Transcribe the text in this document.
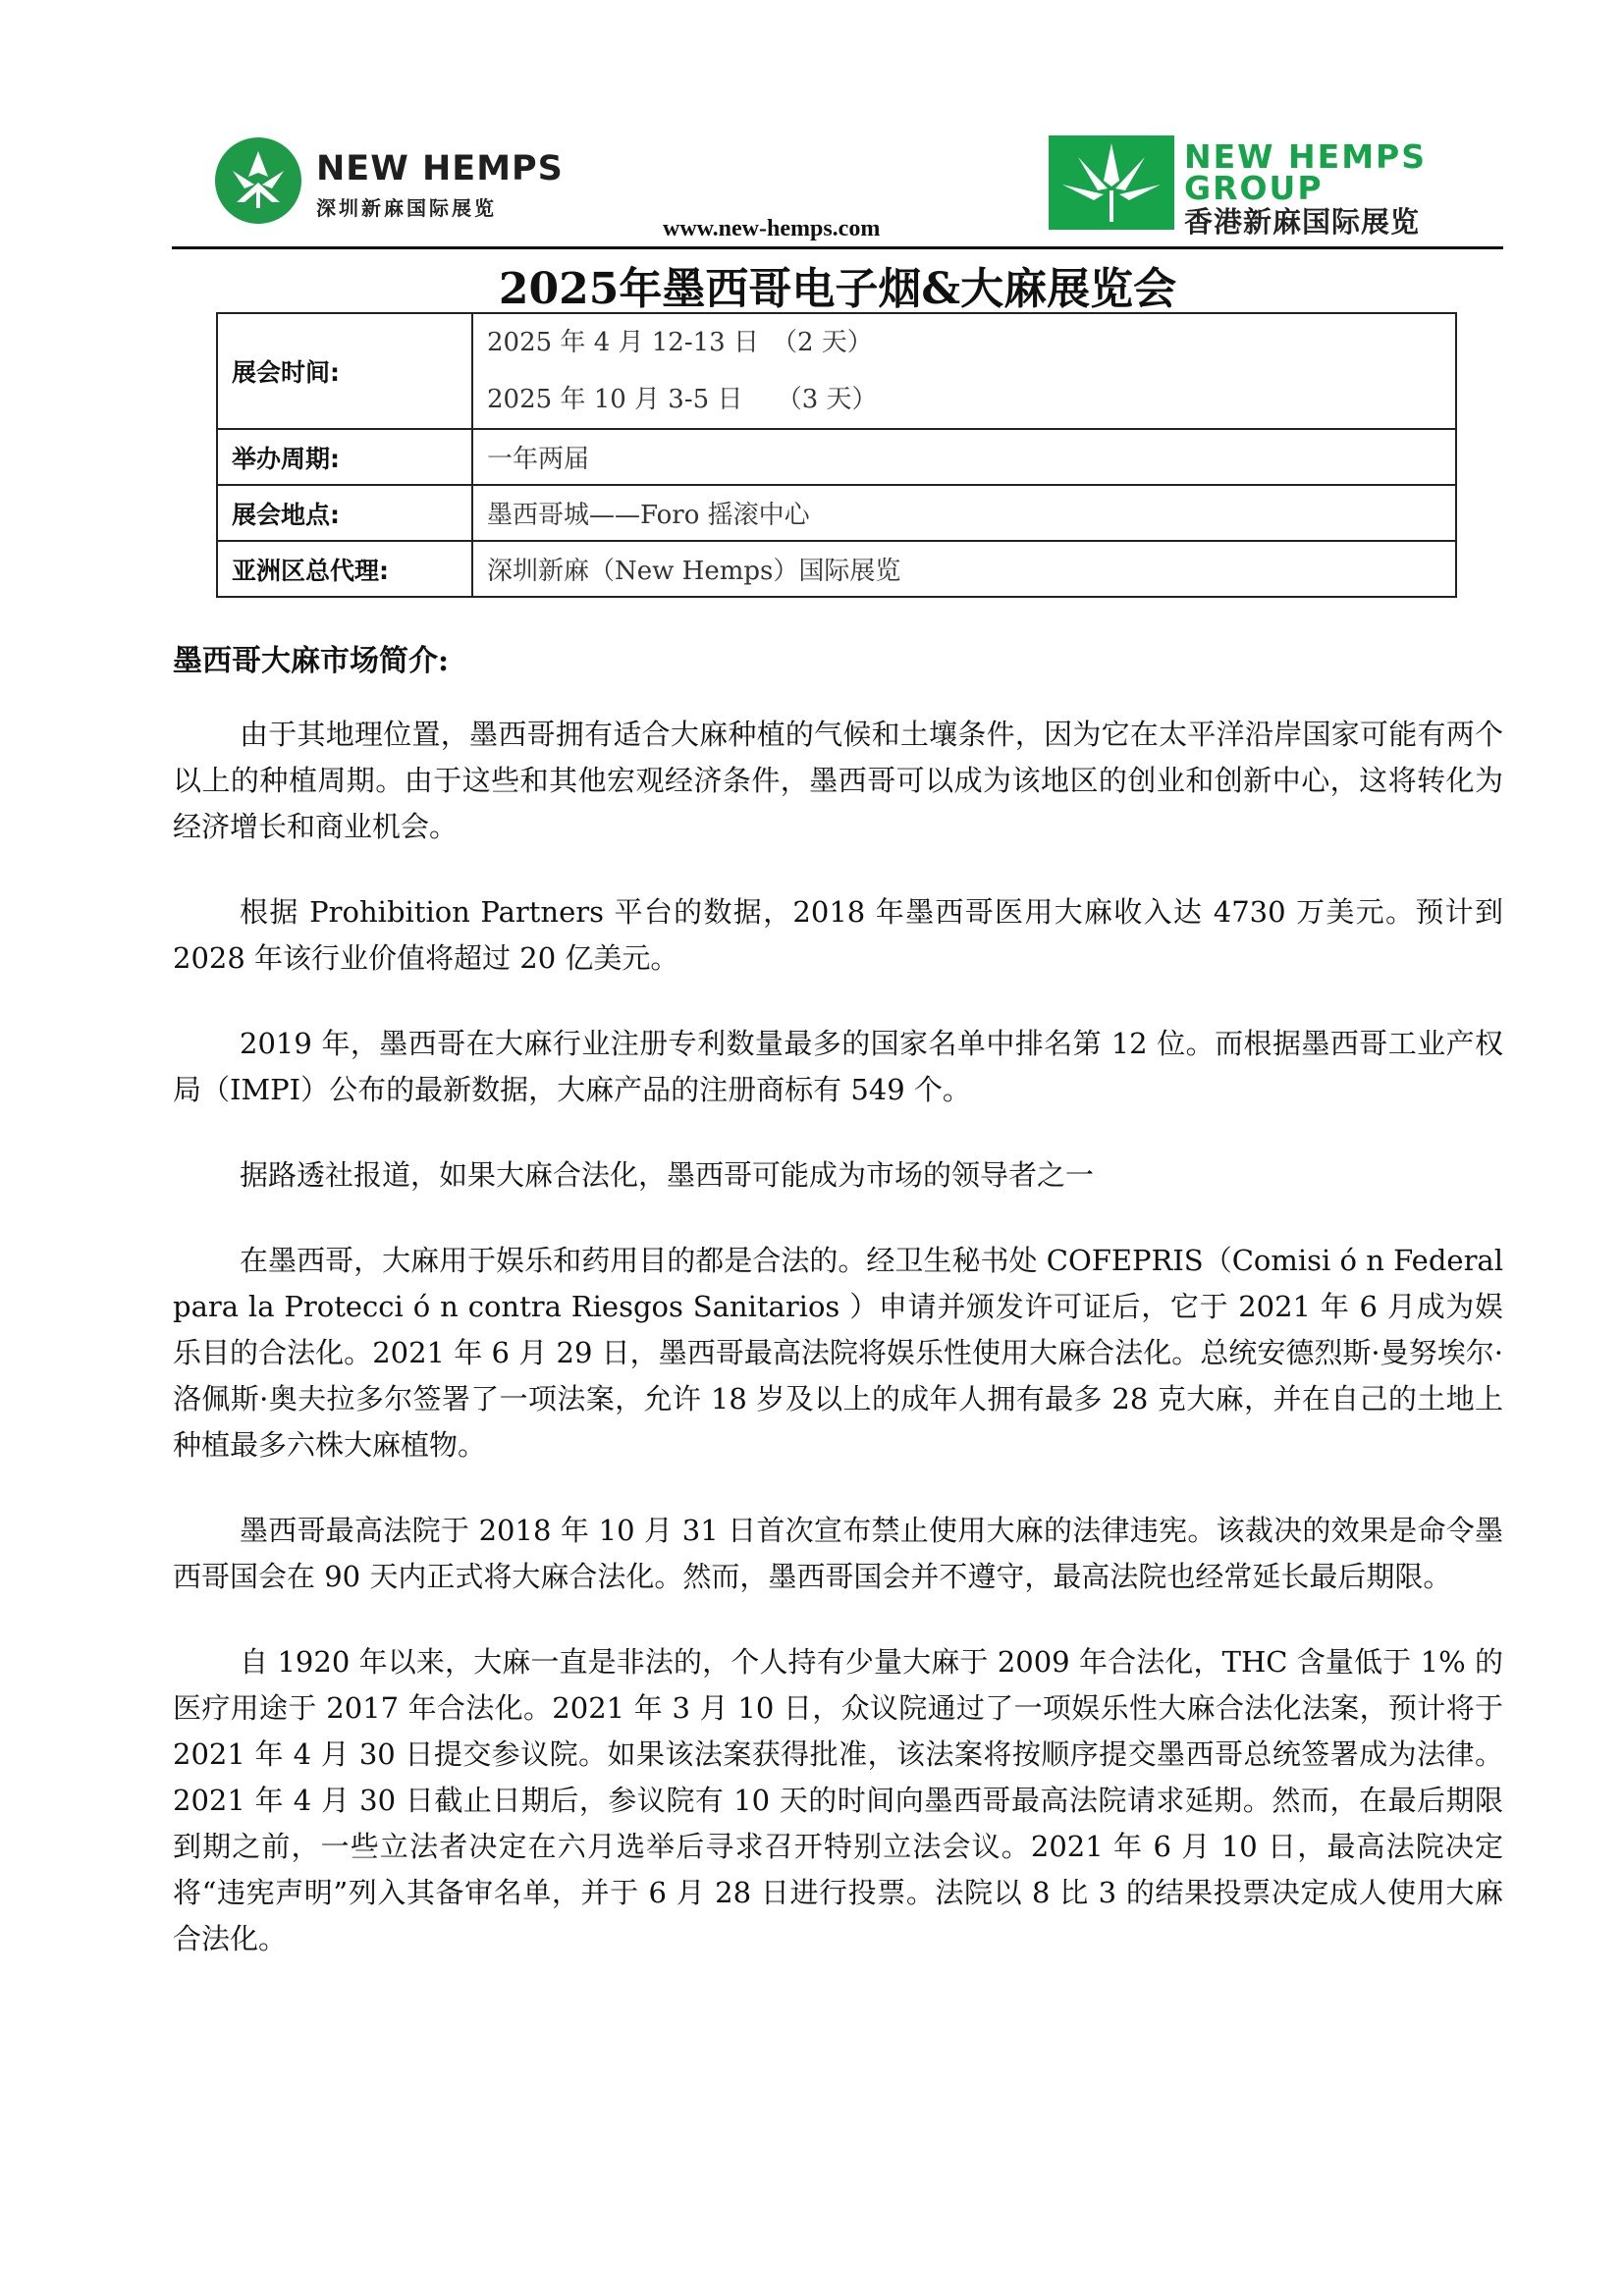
NEW HEMPS
深圳新麻国际展览
www.new-hemps.com
NEW HEMPS
GROUP
香港新麻国际展览
2025年墨西哥电子烟&大麻展览会
展会时间:	2025 年 4 月 12-13 日　（2 天）
2025 年 10 月 3-5 日　 （3 天）

举办周期:	一年两届
展会地点:	墨西哥城——Foro 摇滚中心
亚洲区总代理:	深圳新麻（New Hemps）国际展览
墨西哥大麻市场简介:

由于其地理位置，墨西哥拥有适合大麻种植的气候和土壤条件，因为它在太平洋沿岸国家可能有两个以上的种植周期。由于这些和其他宏观经济条件，墨西哥可以成为该地区的创业和创新中心，这将转化为经济增长和商业机会。

根据 Prohibition Partners 平台的数据，2018 年墨西哥医用大麻收入达 4730 万美元。预计到 2028 年该行业价值将超过 20 亿美元。

2019 年，墨西哥在大麻行业注册专利数量最多的国家名单中排名第 12 位。而根据墨西哥工业产权局（IMPI）公布的最新数据，大麻产品的注册商标有 549 个。

据路透社报道，如果大麻合法化，墨西哥可能成为市场的领导者之一

在墨西哥，大麻用于娱乐和药用目的都是合法的。经卫生秘书处 COFEPRIS（Comisi ó n Federal para la Protecci ó n contra Riesgos Sanitarios ）申请并颁发许可证后，它于 2021 年 6 月成为娱乐目的合法化。2021 年 6 月 29 日，墨西哥最高法院将娱乐性使用大麻合法化。总统安德烈斯·曼努埃尔·洛佩斯·奥夫拉多尔签署了一项法案，允许 18 岁及以上的成年人拥有最多 28 克大麻，并在自己的土地上种植最多六株大麻植物。

墨西哥最高法院于 2018 年 10 月 31 日首次宣布禁止使用大麻的法律违宪。该裁决的效果是命令墨西哥国会在 90 天内正式将大麻合法化。然而，墨西哥国会并不遵守，最高法院也经常延长最后期限。

自 1920 年以来，大麻一直是非法的，个人持有少量大麻于 2009 年合法化，THC 含量低于 1% 的医疗用途于 2017 年合法化。2021 年 3 月 10 日，众议院通过了一项娱乐性大麻合法化法案，预计将于 2021 年 4 月 30 日提交参议院。如果该法案获得批准，该法案将按顺序提交墨西哥总统签署成为法律。2021 年 4 月 30 日截止日期后，参议院有 10 天的时间向墨西哥最高法院请求延期。然而，在最后期限到期之前，一些立法者决定在六月选举后寻求召开特别立法会议。2021 年 6 月 10 日，最高法院决定将“违宪声明”列入其备审名单，并于 6 月 28 日进行投票。法院以 8 比 3 的结果投票决定成人使用大麻合法化。
